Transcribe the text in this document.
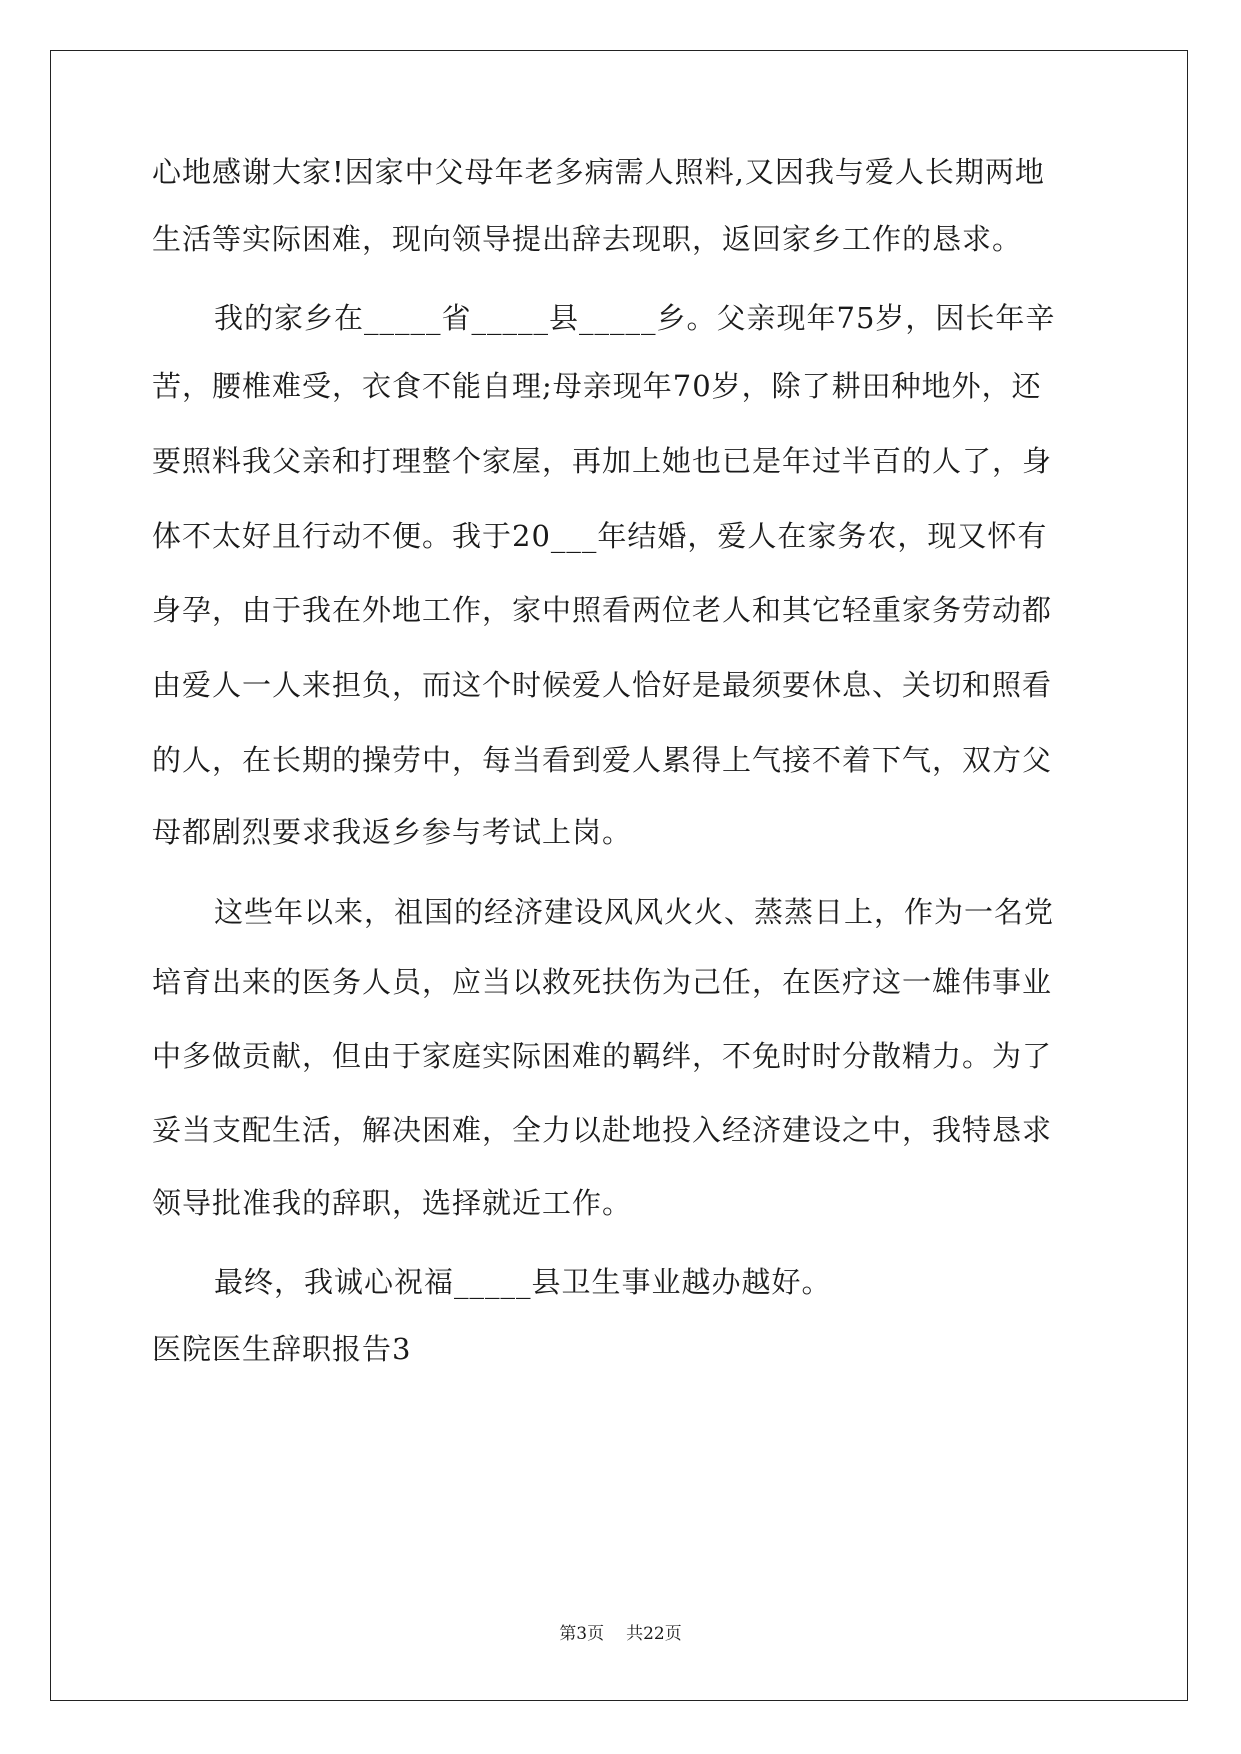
心地感谢大家!因家中父母年老多病需人照料,又因我与爱人长期两地
生活等实际困难，现向领导提出辞去现职，返回家乡工作的恳求。
我的家乡在_____省_____县_____乡。父亲现年75岁，因长年辛
苦，腰椎难受，衣食不能自理;母亲现年70岁，除了耕田种地外，还
要照料我父亲和打理整个家屋，再加上她也已是年过半百的人了，身
体不太好且行动不便。我于20___年结婚，爱人在家务农，现又怀有
身孕，由于我在外地工作，家中照看两位老人和其它轻重家务劳动都
由爱人一人来担负，而这个时候爱人恰好是最须要休息、关切和照看
的人，在长期的操劳中，每当看到爱人累得上气接不着下气，双方父
母都剧烈要求我返乡参与考试上岗。
这些年以来，祖国的经济建设风风火火、蒸蒸日上，作为一名党
培育出来的医务人员，应当以救死扶伤为己任，在医疗这一雄伟事业
中多做贡献，但由于家庭实际困难的羁绊，不免时时分散精力。为了
妥当支配生活，解决困难，全力以赴地投入经济建设之中，我特恳求
领导批准我的辞职，选择就近工作。
最终，我诚心祝福_____县卫生事业越办越好。
医院医生辞职报告3
第3页 共22页
